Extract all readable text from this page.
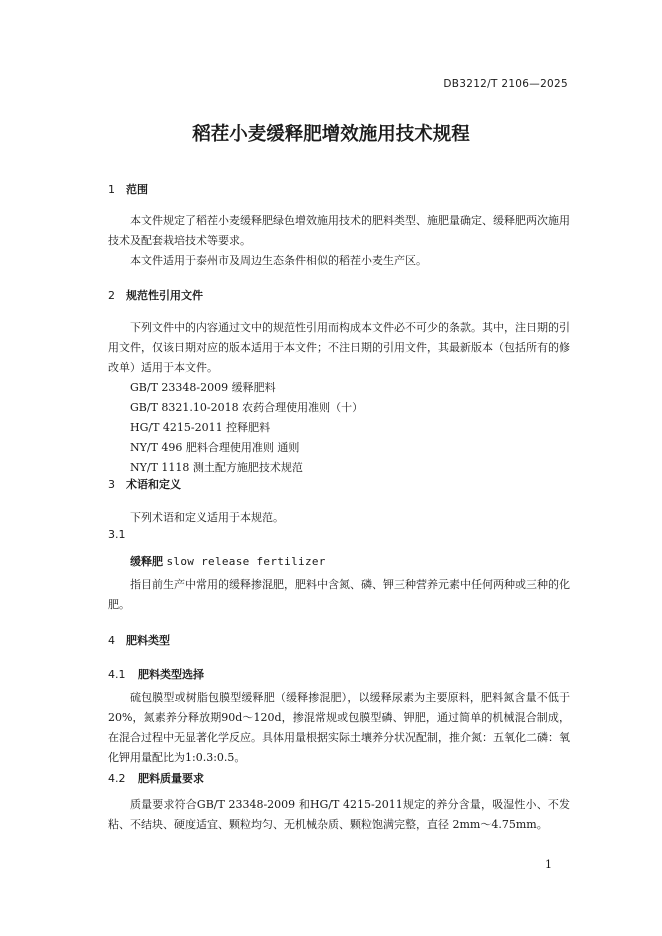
DB3212/T 2106—2025
稻茬小麦缓释肥增效施用技术规程
1 范围

本文件规定了稻茬小麦缓释肥绿色增效施用技术的肥料类型、施肥量确定、缓释肥两次施用技术及配套栽培技术等要求。

本文件适用于泰州市及周边生态条件相似的稻茬小麦生产区。

2 规范性引用文件

下列文件中的内容通过文中的规范性引用而构成本文件必不可少的条款。其中，注日期的引用文件，仅该日期对应的版本适用于本文件；不注日期的引用文件，其最新版本（包括所有的修改单）适用于本文件。

GB/T 23348-2009 缓释肥料

GB/T 8321.10-2018 农药合理使用准则（十）

HG/T 4215-2011 控释肥料

NY/T 496 肥料合理使用准则 通则

NY/T 1118 测土配方施肥技术规范

3 术语和定义

下列术语和定义适用于本规范。

3.1
缓释肥 slow release fertilizer

指目前生产中常用的缓释掺混肥，肥料中含氮、磷、钾三种营养元素中任何两种或三种的化肥。

4 肥料类型
4.1 肥料类型选择

硫包膜型或树脂包膜型缓释肥（缓释掺混肥），以缓释尿素为主要原料，肥料氮含量不低于20%，氮素养分释放期90d～120d，掺混常规或包膜型磷、钾肥，通过简单的机械混合制成，在混合过程中无显著化学反应。具体用量根据实际土壤养分状况配制，推介氮：五氧化二磷：氧化钾用量配比为1:0.3:0.5。

4.2 肥料质量要求

质量要求符合GB/T 23348-2009 和HG/T 4215-2011规定的养分含量，吸湿性小、不发粘、不结块、硬度适宜、颗粒均匀、无机械杂质、颗粒饱满完整，直径 2mm～4.75mm。

1
